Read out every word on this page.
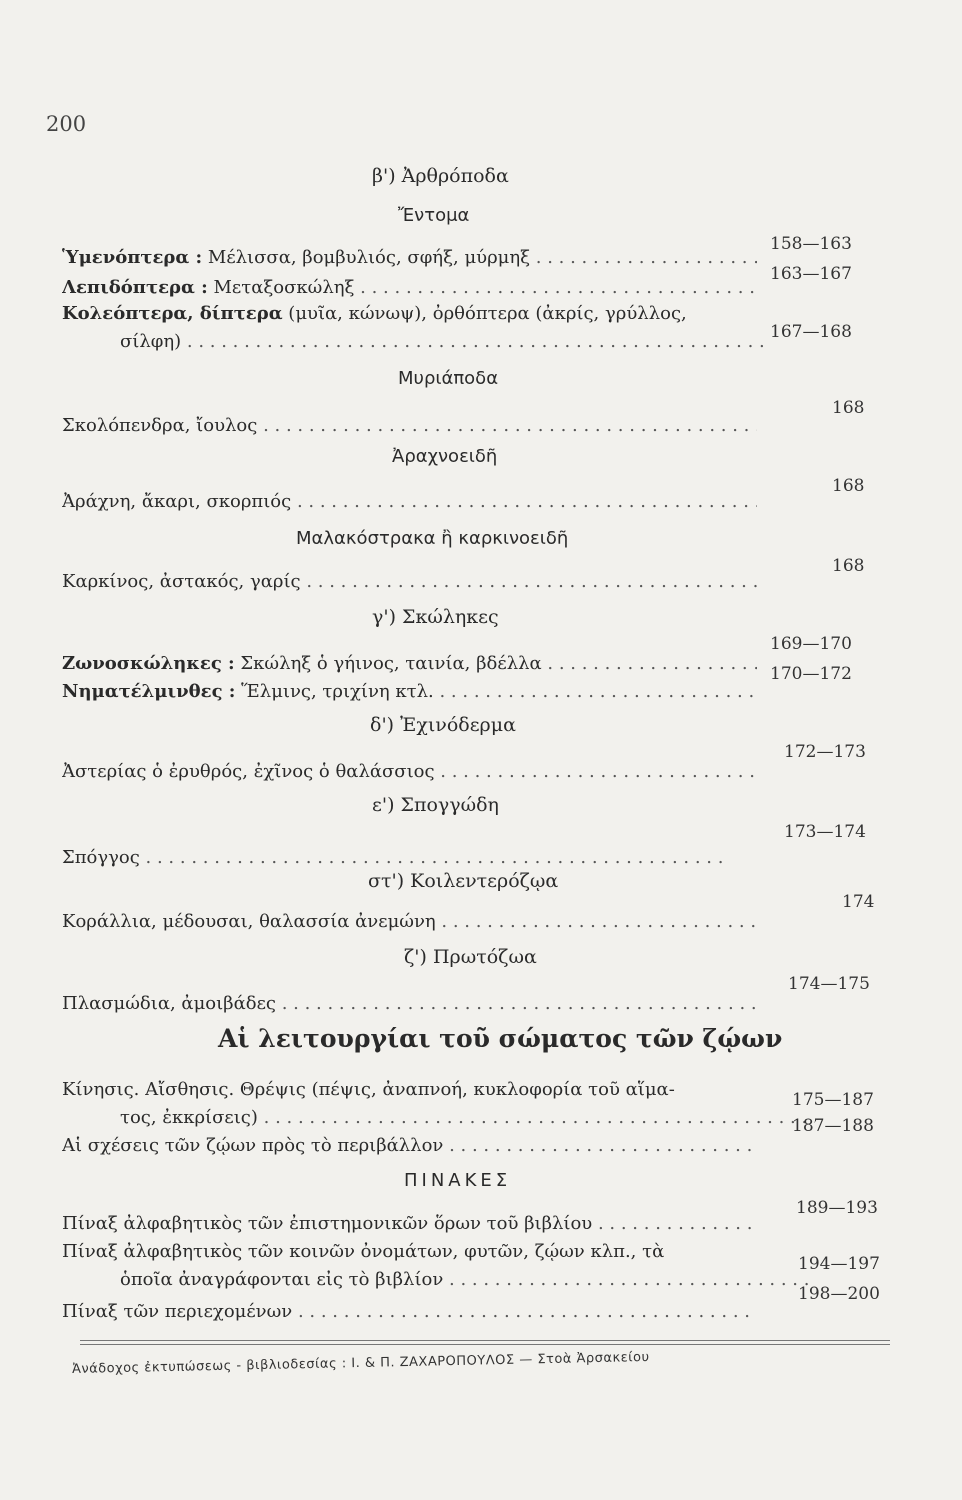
200
β') Ἀρθρόποδα
Ἔντομα
Ὑμενόπτερα : Μέλισσα, βομβυλιός, σφήξ, μύρμηξ . . .
158—163
Λεπιδόπτερα : Μεταξοσκώληξ . . .
163—167
Κολεόπτερα, δίπτερα (μυῖα, κώνωψ), ὀρθόπτερα (ἀκρίς, γρύλλος,
σίλφη) . . .	167—168
Μυριάποδα
Σκολόπενδρα, ἴουλος . . .
168
Ἀραχνοειδῆ
Ἀράχνη, ἄκαρι, σκορπιός . . .
168
Μαλακόστρακα ἢ καρκινοειδῆ
Καρκίνος, ἀστακός, γαρίς . . .
168
γ') Σκώληκες
Ζωνοσκώληκες : Σκώληξ ὁ γήινος, ταινία, βδέλλα . . .
169—170
Νηματέλμινθες : Ἕλμινς, τριχίνη κτλ. . . .
170—172
δ') Ἐχινόδερμα
Ἀστερίας ὁ ἐρυθρός, ἐχῖνος ὁ θαλάσσιος . . .
172—173
ε') Σπογγώδη
Σπόγγος . . .
173—174
στ') Κοιλεντερόζῳα
Κοράλλια, μέδουσαι, θαλασσία ἀνεμώνη . . .
174
ζ') Πρωτόζωα
Πλασμώδια, ἀμοιβάδες . . .
174—175
Αἱ λειτουργίαι τοῦ σώματος τῶν ζῴων
Κίνησις. Αἴσθησις. Θρέψις (πέψις, ἀναπνοή, κυκλοφορία τοῦ αἵμα-
τος, ἐκκρίσεις) . . .
175—187
Αἱ σχέσεις τῶν ζῴων πρὸς τὸ περιβάλλον . . .
187—188
ΠΙΝΑΚΕΣ
Πίναξ ἀλφαβητικὸς τῶν ἐπιστημονικῶν ὅρων τοῦ βιβλίου . . .
189—193
Πίναξ ἀλφαβητικὸς τῶν κοινῶν ὀνομάτων, φυτῶν, ζῴων κλπ., τὰ
ὁποῖα ἀναγράφονται εἰς τὸ βιβλίον . . .
194—197
Πίναξ τῶν περιεχομένων . . .
198—200
Ἀνάδοχος ἐκτυπώσεως - βιβλιοδεσίας : Ι. & Π. ΖΑΧΑΡΟΠΟΥΛΟΣ — Στοὰ Ἀρσακείου
